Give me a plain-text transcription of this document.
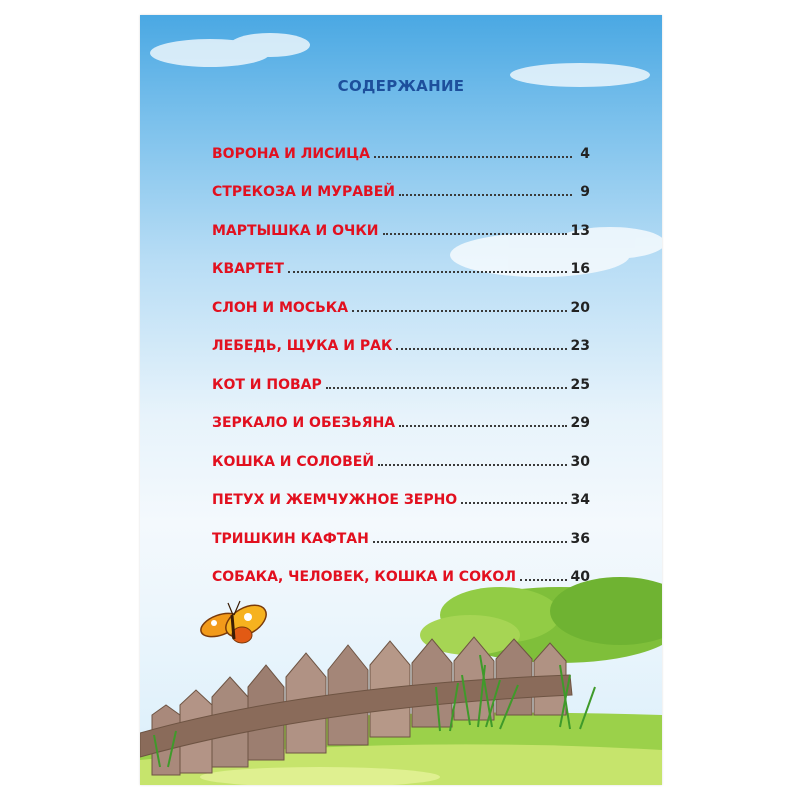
СОДЕРЖАНИЕ
ВОРОНА И ЛИСИЦА	4
СТРЕКОЗА И МУРАВЕЙ	9
МАРТЫШКА И ОЧКИ	13
КВАРТЕТ	16
СЛОН И МОСЬКА	20
ЛЕБЕДЬ, ЩУКА И РАК	23
КОТ И ПОВАР	25
ЗЕРКАЛО И ОБЕЗЬЯНА	29
КОШКА И СОЛОВЕЙ	30
ПЕТУХ И ЖЕМЧУЖНОЕ ЗЕРНО	34
ТРИШКИН КАФТАН	36
СОБАКА, ЧЕЛОВЕК, КОШКА И СОКОЛ	40
